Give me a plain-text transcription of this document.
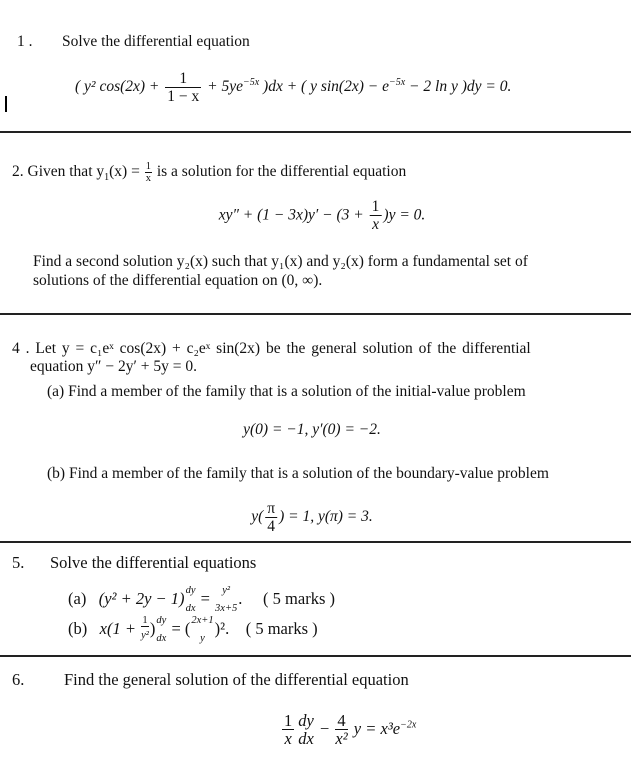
1 . Solve the differential equation
( y² $\cos(2x) + \frac{1}{1 - x} + 5ye^{-5x}$ )dx + ( y $\sin(2x) - e^{-5x} - 2$ ln y )dy = 0.
2. Given that $y_1(x) = \frac{1}{x}$ is a solution for the differential equation
$xy'' + (1 - 3x)y' - (3 + \frac{1}{x} )y = 0$.
Find a second solution y₂(x) such that y₁(x) and y₂(x) form a fundamental set of
solutions of the differential equation on (0, ∞).
4 . Let y = c₁eˣ cos(2x) + c₂eˣ sin(2x) be the general solution of the differential
equation y″ − 2y′ + 5y = 0.
(a) Find a member of the family that is a solution of the initial-value problem
y(0) = −1, y′(0) = −2.
(b) Find a member of the family that is a solution of the boundary-value problem
$y( \frac{\pi}{4}$ ) = 1, y(π) = 3.
5. Solve the differential equations
(a) (y² + 2y − 1) dy
dx
= y²
3x+5
. ( 5 marks )
(b) $x(1 + \frac{1}{\text{y²}}$ ) dy
dx
= ( 2x+1
y
)². ( 5 marks )
6. Find the general solution of the differential equation
$\frac{1}{x}$ dy
dx
− $\frac{4}{\text{x²}}$ $y = x^3e^{-2x}$
